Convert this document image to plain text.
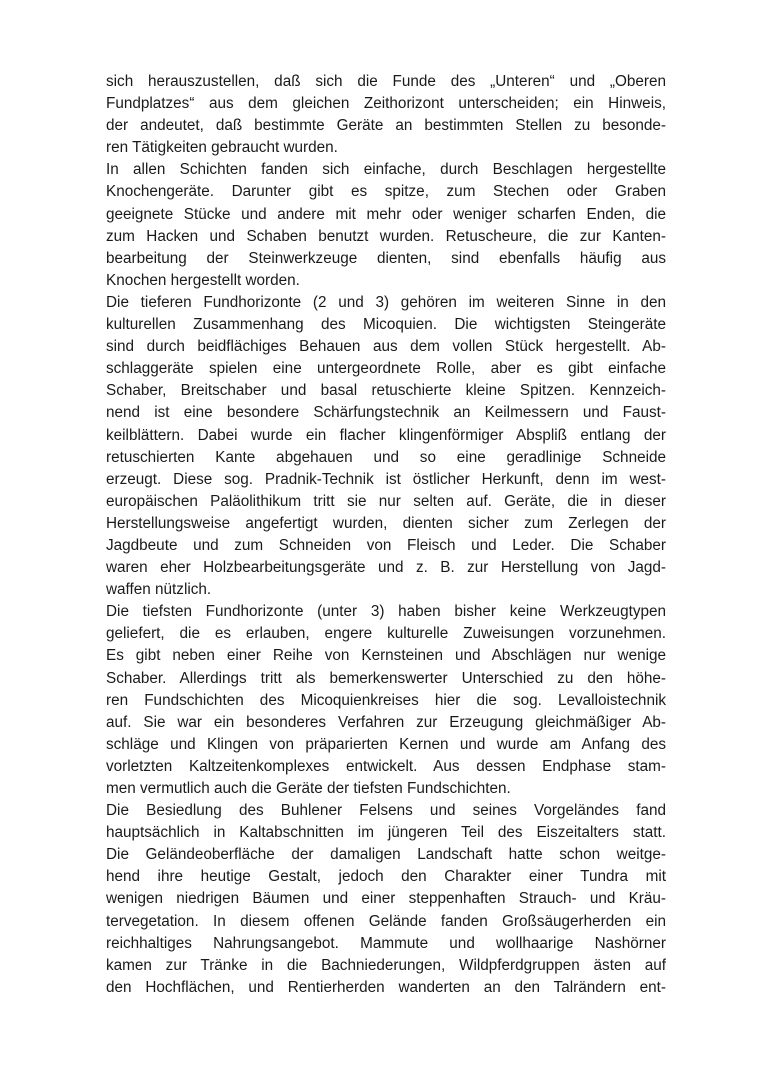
sich herauszustellen, daß sich die Funde des „Unteren“ und „Oberen
Fundplatzes“ aus dem gleichen Zeithorizont unterscheiden; ein Hinweis,
der andeutet, daß bestimmte Geräte an bestimmten Stellen zu besonde-
ren Tätigkeiten gebraucht wurden.

In allen Schichten fanden sich einfache, durch Beschlagen hergestellte
Knochengeräte. Darunter gibt es spitze, zum Stechen oder Graben
geeignete Stücke und andere mit mehr oder weniger scharfen Enden, die
zum Hacken und Schaben benutzt wurden. Retuscheure, die zur Kanten-
bearbeitung der Steinwerkzeuge dienten, sind ebenfalls häufig aus
Knochen hergestellt worden.

Die tieferen Fundhorizonte (2 und 3) gehören im weiteren Sinne in den
kulturellen Zusammenhang des Micoquien. Die wichtigsten Steingeräte
sind durch beidflächiges Behauen aus dem vollen Stück hergestellt. Ab-
schlaggeräte spielen eine untergeordnete Rolle, aber es gibt einfache
Schaber, Breitschaber und basal retuschierte kleine Spitzen. Kennzeich-
nend ist eine besondere Schärfungstechnik an Keilmessern und Faust-
keilblättern. Dabei wurde ein flacher klingenförmiger Abspliß entlang der
retuschierten Kante abgehauen und so eine geradlinige Schneide
erzeugt. Diese sog. Pradnik-Technik ist östlicher Herkunft, denn im west-
europäischen Paläolithikum tritt sie nur selten auf. Geräte, die in dieser
Herstellungsweise angefertigt wurden, dienten sicher zum Zerlegen der
Jagdbeute und zum Schneiden von Fleisch und Leder. Die Schaber
waren eher Holzbearbeitungsgeräte und z. B. zur Herstellung von Jagd-
waffen nützlich.

Die tiefsten Fundhorizonte (unter 3) haben bisher keine Werkzeugtypen
geliefert, die es erlauben, engere kulturelle Zuweisungen vorzunehmen.
Es gibt neben einer Reihe von Kernsteinen und Abschlägen nur wenige
Schaber. Allerdings tritt als bemerkenswerter Unterschied zu den höhe-
ren Fundschichten des Micoquienkreises hier die sog. Levalloistechnik
auf. Sie war ein besonderes Verfahren zur Erzeugung gleichmäßiger Ab-
schläge und Klingen von präparierten Kernen und wurde am Anfang des
vorletzten Kaltzeitenkomplexes entwickelt. Aus dessen Endphase stam-
men vermutlich auch die Geräte der tiefsten Fundschichten.

Die Besiedlung des Buhlener Felsens und seines Vorgeländes fand
hauptsächlich in Kaltabschnitten im jüngeren Teil des Eiszeitalters statt.
Die Geländeoberfläche der damaligen Landschaft hatte schon weitge-
hend ihre heutige Gestalt, jedoch den Charakter einer Tundra mit
wenigen niedrigen Bäumen und einer steppenhaften Strauch- und Kräu-
tervegetation. In diesem offenen Gelände fanden Großsäugerherden ein
reichhaltiges Nahrungsangebot. Mammute und wollhaarige Nashörner
kamen zur Tränke in die Bachniederungen, Wildpferdgruppen ästen auf
den Hochflächen, und Rentierherden wanderten an den Talrändern ent-
